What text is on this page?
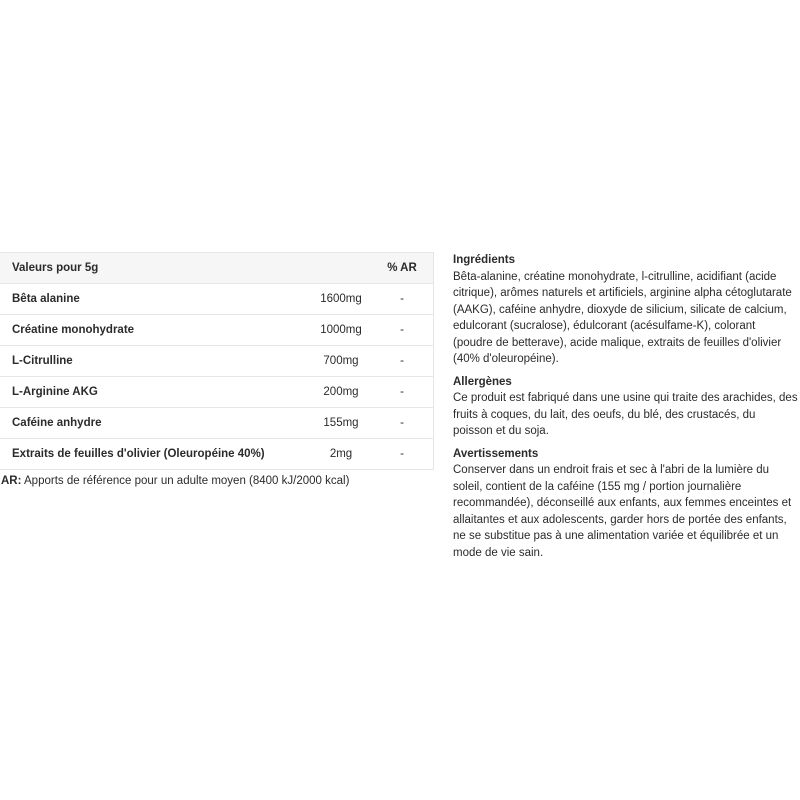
Valeurs pour 5g		% AR
Bêta alanine	1600mg	-
Créatine monohydrate	1000mg	-
L-Citrulline	700mg	-
L-Arginine AKG	200mg	-
Caféine anhydre	155mg	-
Extraits de feuilles d'olivier (Oleuropéine 40%)	2mg	-
AR: Apports de référence pour un adulte moyen (8400 kJ/2000 kcal)

Ingrédients

Bêta-alanine, créatine monohydrate, l-citrulline, acidifiant (acide citrique), arômes naturels et artificiels, arginine alpha cétoglutarate (AAKG), caféine anhydre, dioxyde de silicium, silicate de calcium, edulcorant (sucralose), édulcorant (acésulfame-K), colorant (poudre de betterave), acide malique, extraits de feuilles d'olivier (40% d'oleuropéine).

Allergènes

Ce produit est fabriqué dans une usine qui traite des arachides, des fruits à coques, du lait, des oeufs, du blé, des crustacés, du poisson et du soja.

Avertissements

Conserver dans un endroit frais et sec à l'abri de la lumière du soleil, contient de la caféine (155 mg / portion journalière recommandée), déconseillé aux enfants, aux femmes enceintes et allaitantes et aux adolescents, garder hors de portée des enfants, ne se substitue pas à une alimentation variée et équilibrée et un mode de vie sain.
